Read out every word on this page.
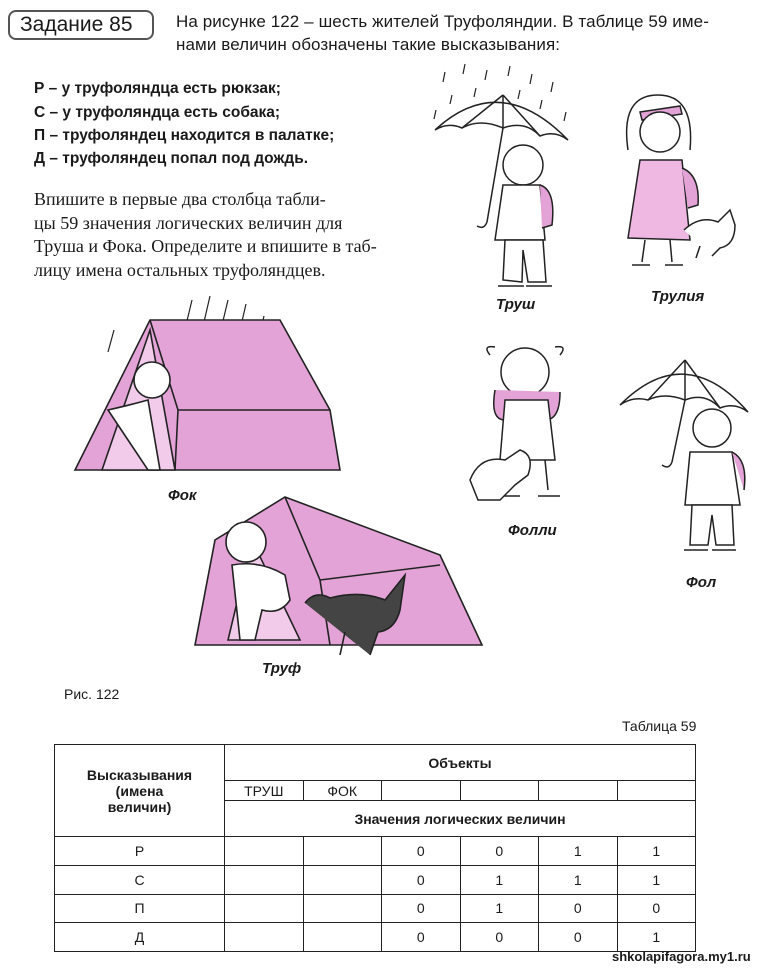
Задание 85	На рисунке 122 – шесть жителей Труфоляндии. В таблице 59 име-
нами величин обозначены такие высказывания:
Р – у труфоляндца есть рюкзак;
С – у труфоляндца есть собака;
П – труфоляндец находится в палатке;
Д – труфоляндец попал под дождь.
Впишите в первые два столбца табли-
цы 59 значения логических величин для
Труша и Фока. Определите и впишите в таб-
лицу имена остальных труфоляндцев.
Труш	Трулия
Фок
Фолли
Фол
Труф
Рис. 122
Таблица 59
Высказывания
(имена
величин)	Объекты					
	ТРУШ	ФОК				
	Значения логических величин					
Р			0	0	1	1
С			0	1	1	1
П			0	1	0	0
Д			0	0	0	1
shkolapifagora.my1.ru
